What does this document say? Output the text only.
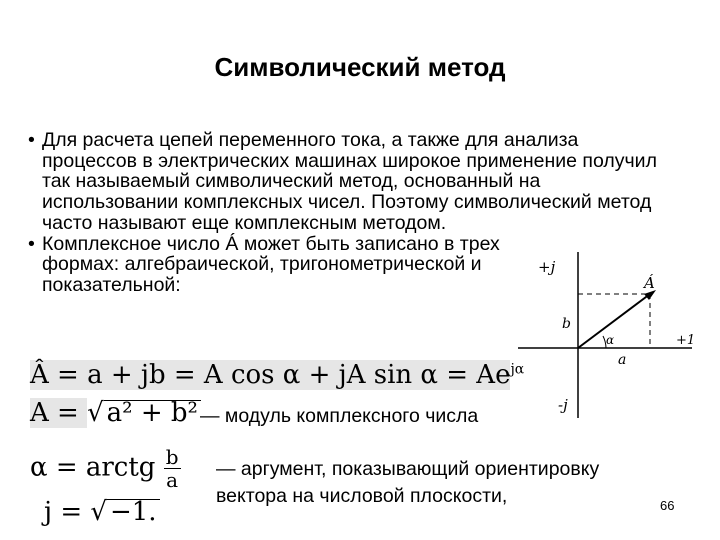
Символический метод
• Для расчета цепей переменного тока, а также для анализа процессов в электрических машинах широкое применение получил так называемый символический метод, основанный на использовании комплексных чисел. Поэтому символический метод часто называют еще комплексным методом.
• Комплексное число Á может быть записано в трех формах: алгебраической, тригонометрической и показательной:
Â = a + jb = A cos α + jA $\sin \alpha = Ae^{j\alpha}$
A = √ a² + b² — модуль комплексного числа
α = arctg $\frac{b}{a}$ — аргумент, показывающий ориентировку
вектора на числовой плоскости,
j = √ −1.
+j
-j
+1
Á
b
a
α
66
